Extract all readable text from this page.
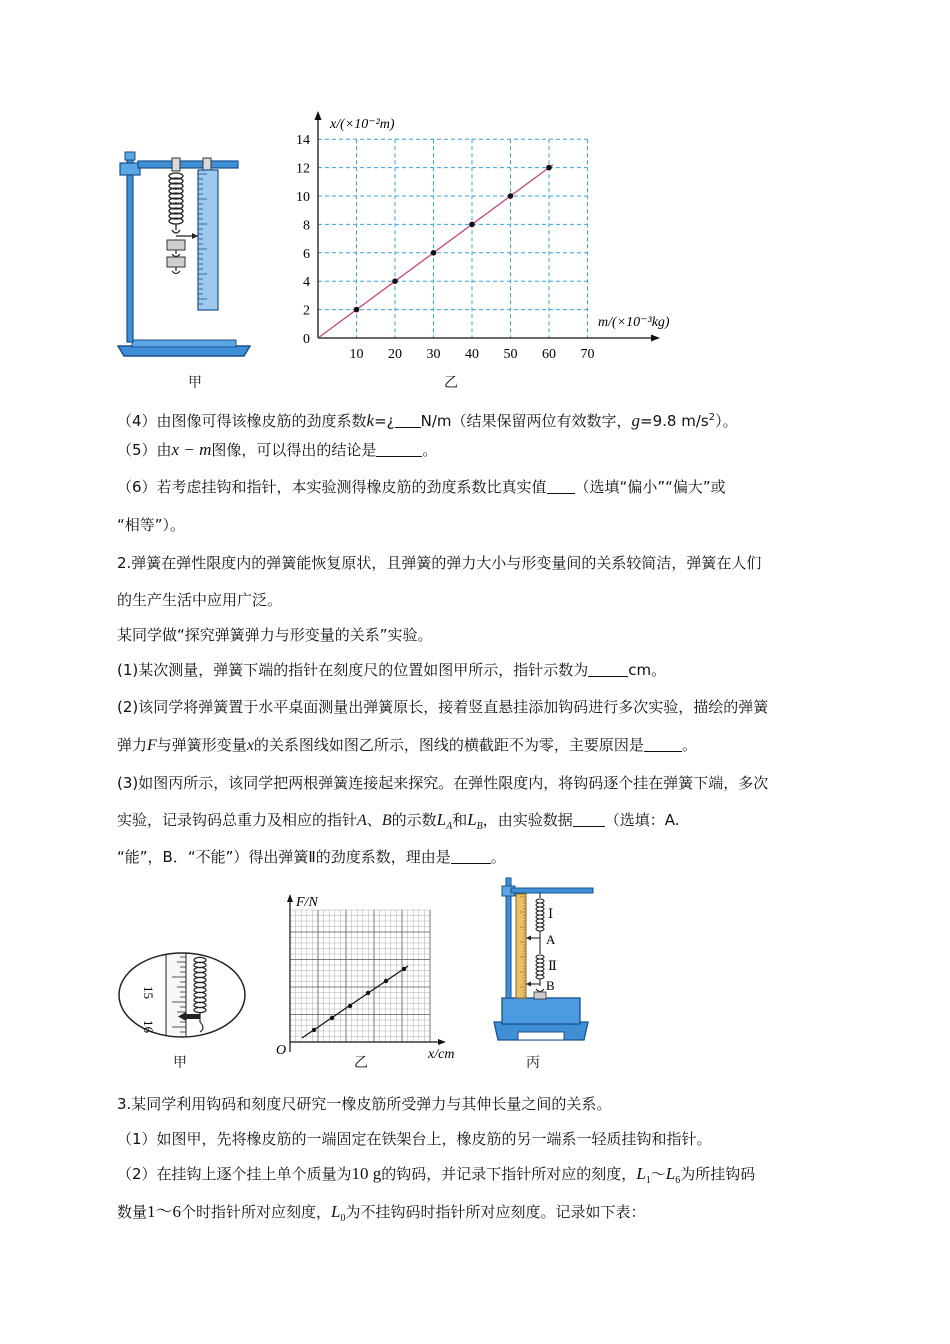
甲
2
4
6
8
10
12
14
0
10 20 30 40 50 60 70
x/(×10⁻²m)
m/(×10⁻³kg)
乙
（4）由图像可得该橡皮筋的劲度系数k=¿ N/m（结果保留两位有效数字，g=9.8 $m/s^2$）。
（5）由x − m图像，可以得出的结论是	。
（6）若考虑挂钩和指针，本实验测得橡皮筋的劲度系数比真实值 （选填“偏小”“偏大”或
“相等”）。
2.弹簧在弹性限度内的弹簧能恢复原状，且弹簧的弹力大小与形变量间的关系较简洁，弹簧在人们
的生产生活中应用广泛。
某同学做“探究弹簧弹力与形变量的关系”实验。
(1)某次测量，弹簧下端的指针在刻度尺的位置如图甲所示，指针示数为	cm。
(2)该同学将弹簧置于水平桌面测量出弹簧原长，接着竖直悬挂添加钩码进行多次实验，描绘的弹簧
弹力F与弹簧形变量x的关系图线如图乙所示，图线的横截距不为零，主要原因是	。
(3)如图丙所示，该同学把两根弹簧连接起来探究。在弹性限度内，将钩码逐个挂在弹簧下端，多次
实验，记录钩码总重力及相应的指针A、B的示数$L_A$和$L_B$，由实验数据 （选填：A.
“能”，B．“不能”）得出弹簧Ⅱ的劲度系数，理由是	。
15
16
甲
F/N
x/cm
O
乙
Ⅰ
A
Ⅱ
B
丙
3.某同学利用钩码和刻度尺研究一橡皮筋所受弹力与其伸长量之间的关系。
（1）如图甲，先将橡皮筋的一端固定在铁架台上，橡皮筋的另一端系一轻质挂钩和指针。
（2）在挂钩上逐个挂上单个质量为10 g的钩码，并记录下指针所对应的刻度，$L_1\sim L_6$为所挂钩码
数量1～6个时指针所对应刻度，$L_0$为不挂钩码时指针所对应刻度。记录如下表：
